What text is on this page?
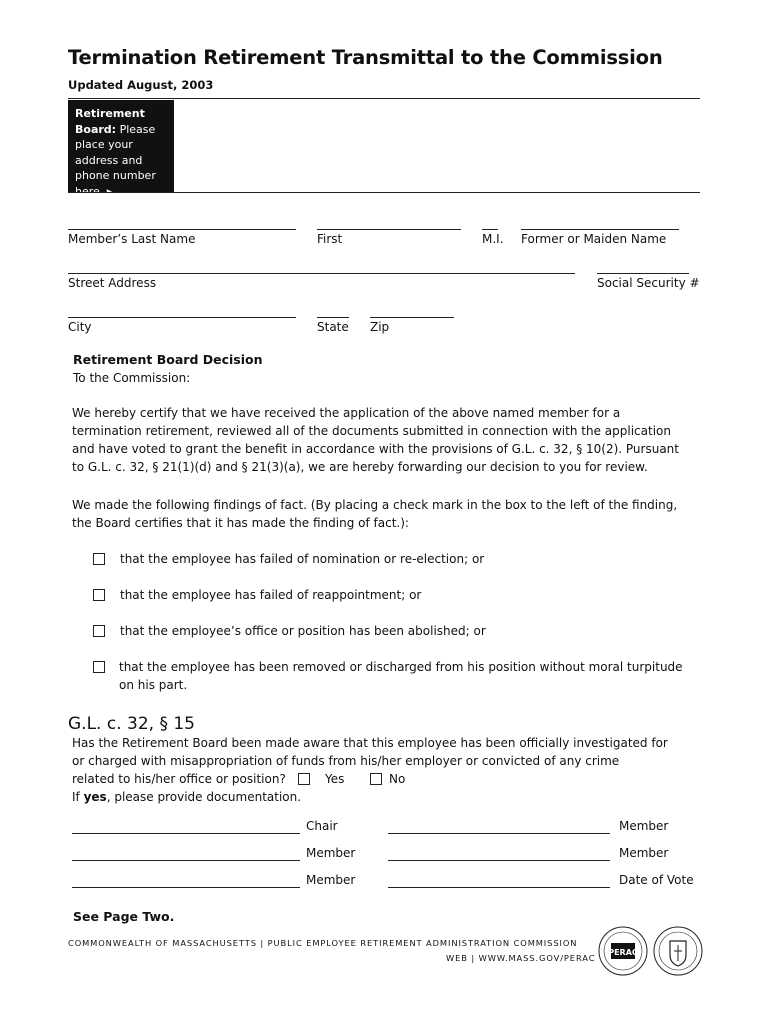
Termination Retirement Transmittal to the Commission
Updated August, 2003
Retirement Board: Please place your address and phone number here. ▶
Member’s Last Name	First	M.I. Former or Maiden Name
Street Address	Social Security #
City	State Zip
Retirement Board Decision
To the Commission:
We hereby certify that we have received the application of the above named member for a termination retirement, reviewed all of the documents submitted in connection with the application and have voted to grant the benefit in accordance with the provisions of G.L. c. 32, § 10(2). Pursuant to G.L. c. 32, § 21(1)(d) and § 21(3)(a), we are hereby forwarding our decision to you for review.
We made the following findings of fact. (By placing a check mark in the box to the left of the finding, the Board certifies that it has made the finding of fact.):
that the employee has failed of nomination or re-election; or
that the employee has failed of reappointment; or
that the employee’s office or position has been abolished; or
that the employee has been removed or discharged from his position without moral turpitude on his part.
G.L. c. 32, § 15
Has the Retirement Board been made aware that this employee has been officially investigated for
or charged with misappropriation of funds from his/her employer or convicted of any crime
related to his/her office or position?	Yes	No
If yes, please provide documentation.
Chair	Member
Member	Member
Member	Date of Vote
See Page Two.
COMMONWEALTH OF MASSACHUSETTS | PUBLIC EMPLOYEE RETIREMENT ADMINISTRATION COMMISSION
WEB | WWW.MASS.GOV/PERAC
PERAC
